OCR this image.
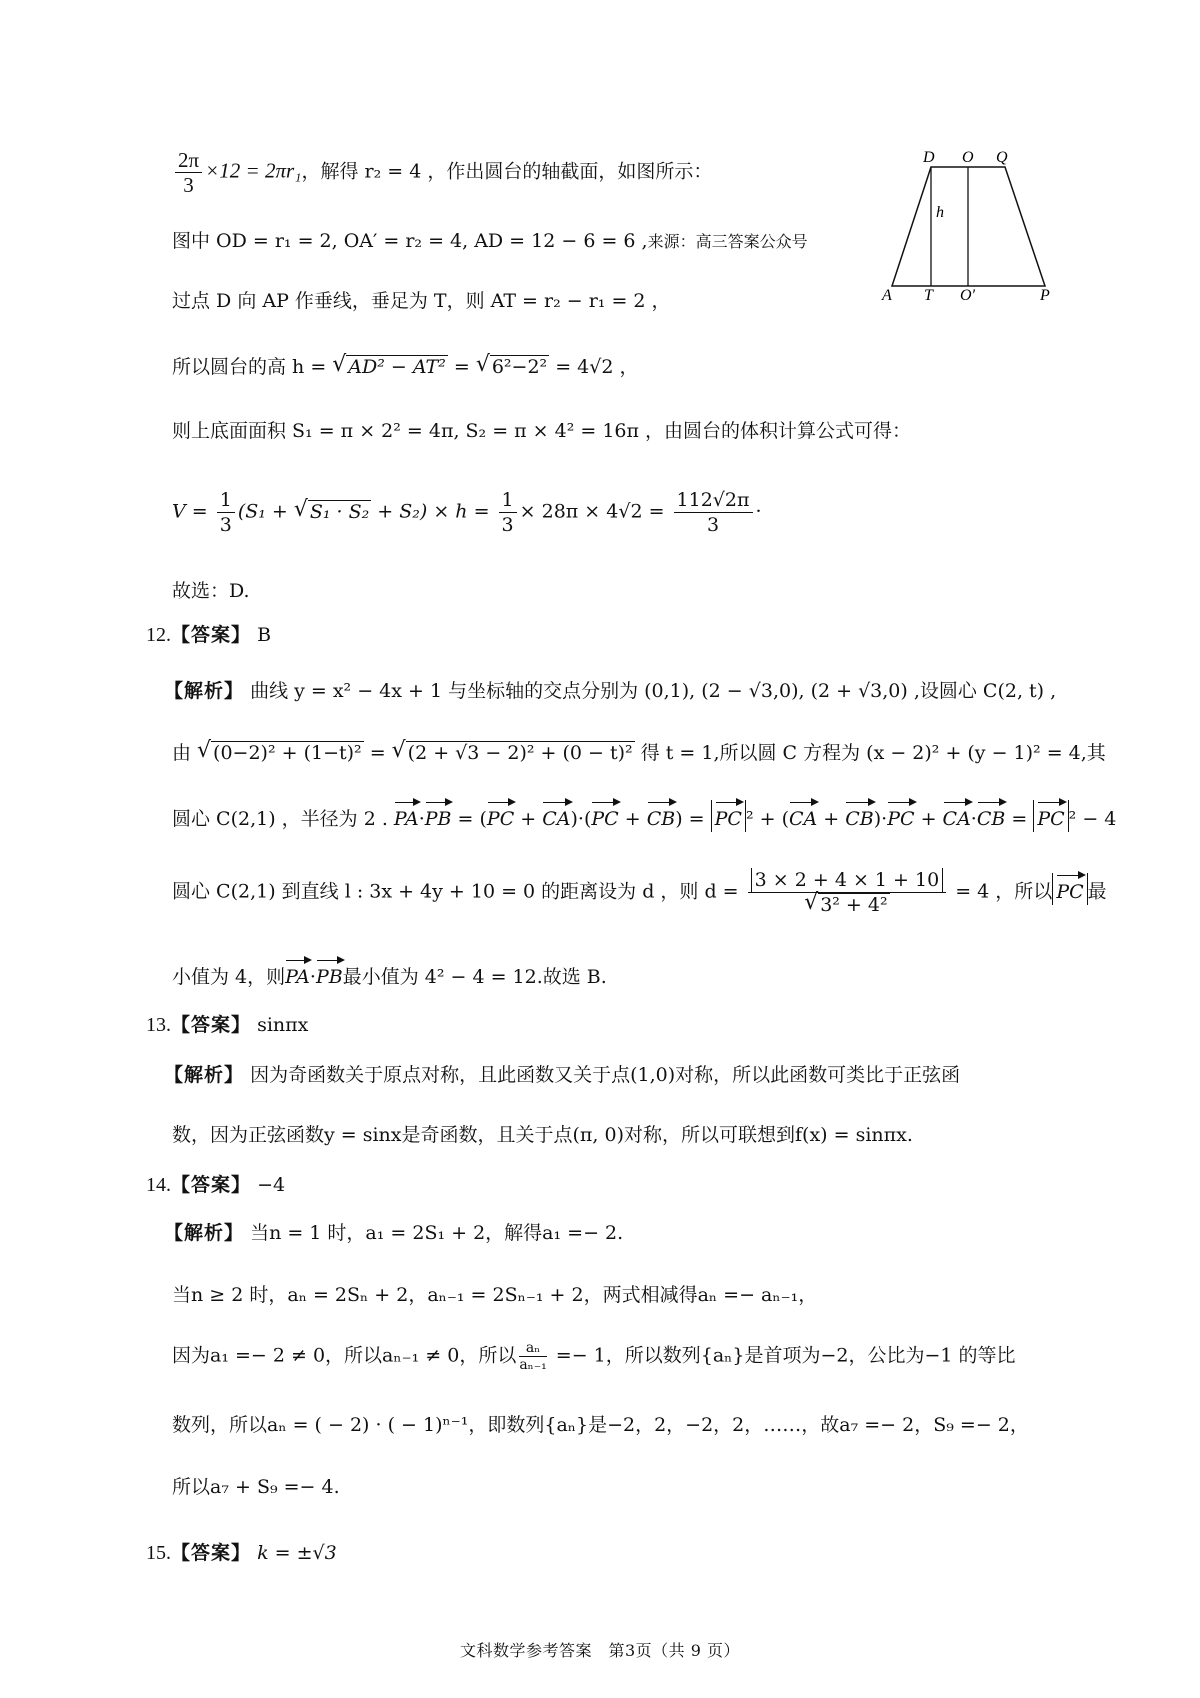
D O Q
h
A T O′	P
$\frac{2\pi}{3} \times 12 = 2\pi r_1$，解得 r₂ = 4 ，作出圆台的轴截面，如图所示：
图中 OD = r₁ = 2, OA′ = r₂ = 4, AD = 12 − 6 = 6 ,来源：高三答案公众号
过点 D 向 AP 作垂线，垂足为 T，则 AT = r₂ − r₁ = 2 ，
所以圆台的高 h = √ AD² − AT² = √ 6²−2² = 4√2 ，
则上底面面积 S₁ = π × 2² = 4π, S₂ = π × 4² = 16π ，由圆台的体积计算公式可得：
$V = \frac{1}{3} (S_1$ + √ $S_1 \cdot S_2 + S_2) \times h = \frac{1}{3} \times 28\pi \times 4√2 = \frac{112√2\pi}{3}$ ·
故选：D.
12.【答案】 B
【解析】 曲线 y = x² − 4x + 1 与坐标轴的交点分别为 (0,1), (2 − √3,0), (2 + √3,0) ,设圆心 C(2, t) ,
由 √ (0−2)² + (1−t)² = √ (2 + √3 − 2)² + (0 − t)² 得 t = 1,所以圆 C 方程为 (x − 2)² + (y − 1)² = 4,其
圆心 C(2,1) ，半径为 2 . PA·PB = (PC + CA)·(PC + CB) = PC ² + (CA + CB)·PC + CA·CB = PC ² − 4
圆心 C(2,1) 到直线 l : 3x + 4y + 10 = 0 的距离设为 d ，则 d = 3 × 2 + 4 × 1 + 10
√ 3² + 4² = 4 ，所以 PC 最
小值为 4，则PA·PB最小值为 4² − 4 = 12.故选 B.
13.【答案】 sinπx
【解析】 因为奇函数关于原点对称，且此函数又关于点(1,0)对称，所以此函数可类比于正弦函
数，因为正弦函数y = sinx是奇函数，且关于点(π, 0)对称，所以可联想到f(x) = sinπx.
14.【答案】 −4
【解析】 当n = 1 时，a₁ = 2S₁ + 2，解得a₁ =− 2.
当n ≥ 2 时，aₙ = 2Sₙ + 2，aₙ₋₁ = 2Sₙ₋₁ + 2，两式相减得aₙ =− aₙ₋₁，
因为a₁ =− 2 ≠ 0，所以aₙ₋₁ ≠ 0，所以 $\frac{\text{aₙ}}{\text{aₙ₋₁}} =- 1$，所以数列{aₙ}是首项为−2，公比为−1 的等比
数列，所以aₙ = ( − 2) · ( − 1)ⁿ⁻¹，即数列{aₙ}是−2，2，−2，2，……，故a₇ =− 2，S₉ =− 2，
所以a₇ + S₉ =− 4.
15.【答案】 k = ±√3
文科数学参考答案　第3页（共 9 页）
